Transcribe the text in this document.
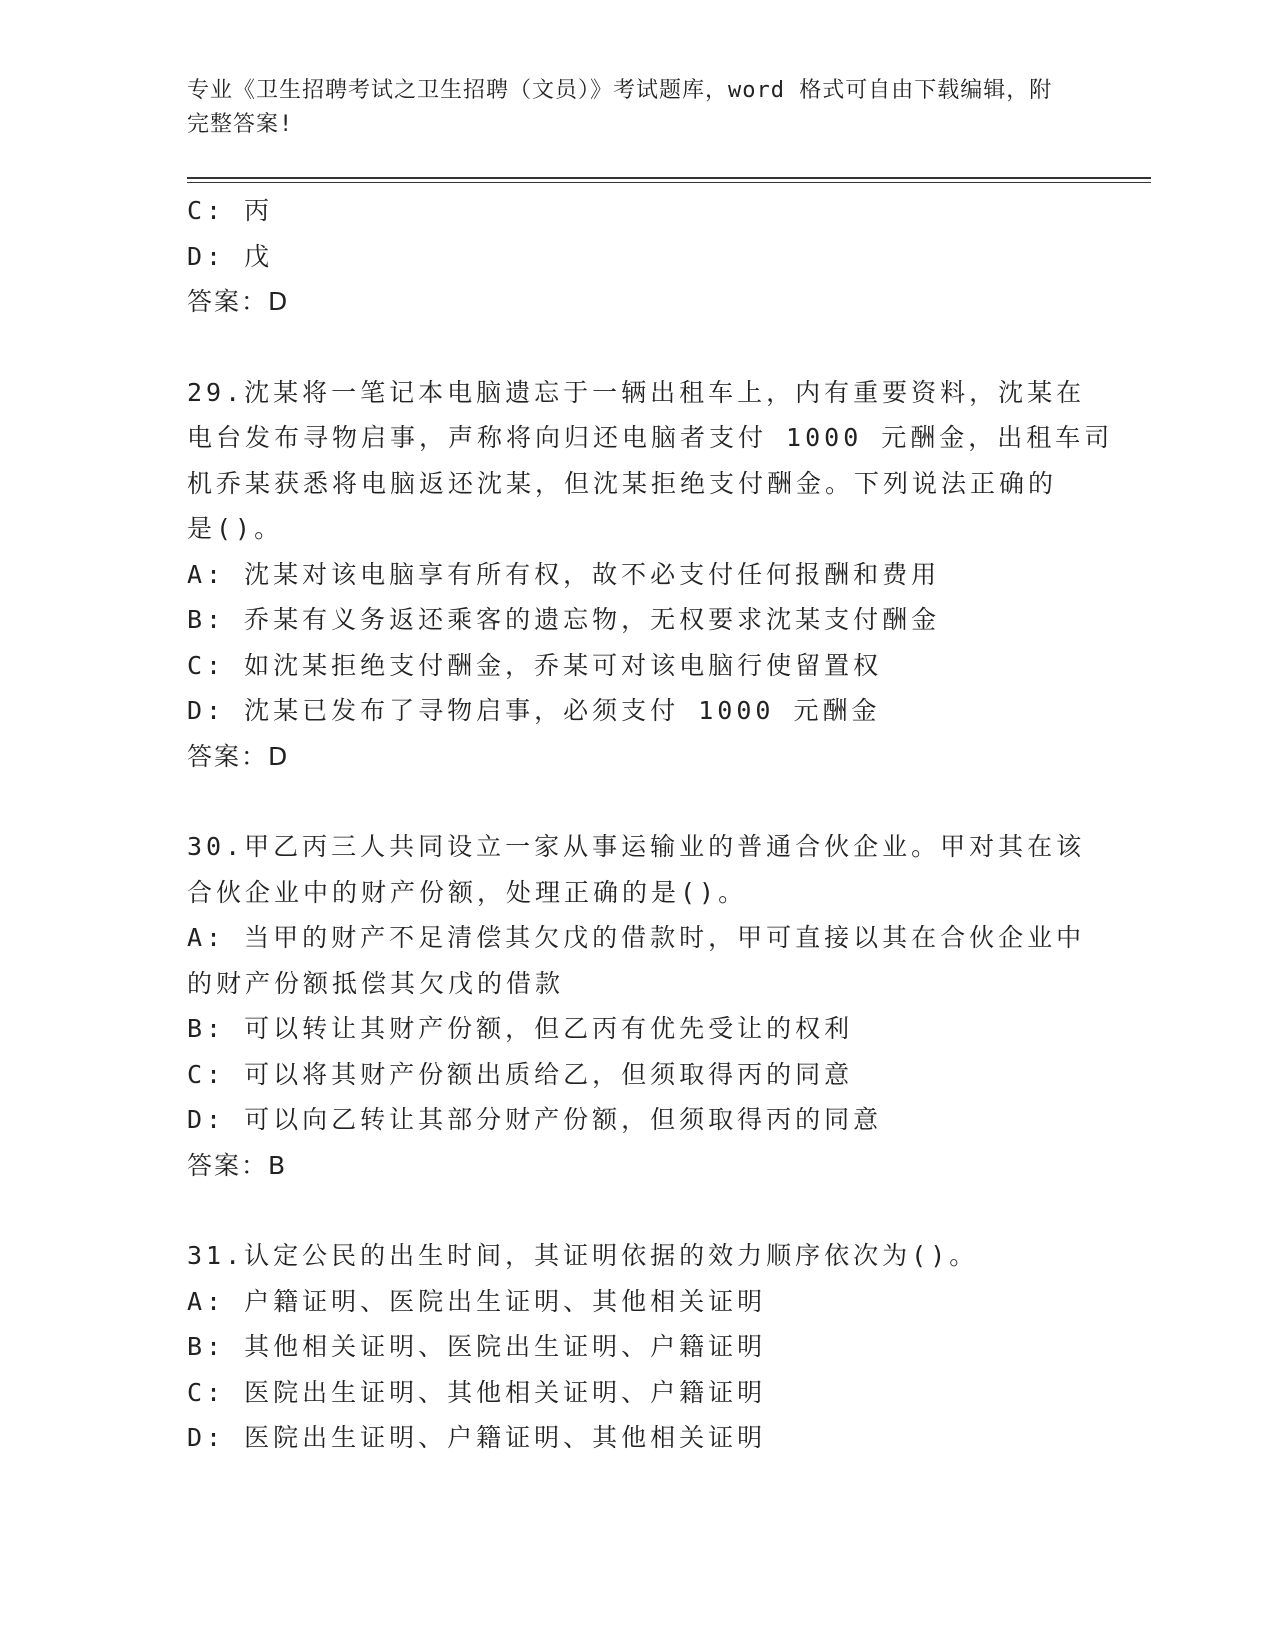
专业《卫生招聘考试之卫生招聘（文员）》考试题库，word 格式可自由下载编辑，附完整答案!
C: 丙
D: 戊
答案：D
29.沈某将一笔记本电脑遗忘于一辆出租车上，内有重要资料，沈某在
电台发布寻物启事，声称将向归还电脑者支付 1000 元酬金，出租车司
机乔某获悉将电脑返还沈某，但沈某拒绝支付酬金。下列说法正确的
是()。
A: 沈某对该电脑享有所有权，故不必支付任何报酬和费用
B: 乔某有义务返还乘客的遗忘物，无权要求沈某支付酬金
C: 如沈某拒绝支付酬金，乔某可对该电脑行使留置权
D: 沈某已发布了寻物启事，必须支付 1000 元酬金
答案：D
30.甲乙丙三人共同设立一家从事运输业的普通合伙企业。甲对其在该
合伙企业中的财产份额，处理正确的是()。
A: 当甲的财产不足清偿其欠戊的借款时，甲可直接以其在合伙企业中
的财产份额抵偿其欠戊的借款
B: 可以转让其财产份额，但乙丙有优先受让的权利
C: 可以将其财产份额出质给乙，但须取得丙的同意
D: 可以向乙转让其部分财产份额，但须取得丙的同意
答案：B
31.认定公民的出生时间，其证明依据的效力顺序依次为()。
A: 户籍证明、医院出生证明、其他相关证明
B: 其他相关证明、医院出生证明、户籍证明
C: 医院出生证明、其他相关证明、户籍证明
D: 医院出生证明、户籍证明、其他相关证明
